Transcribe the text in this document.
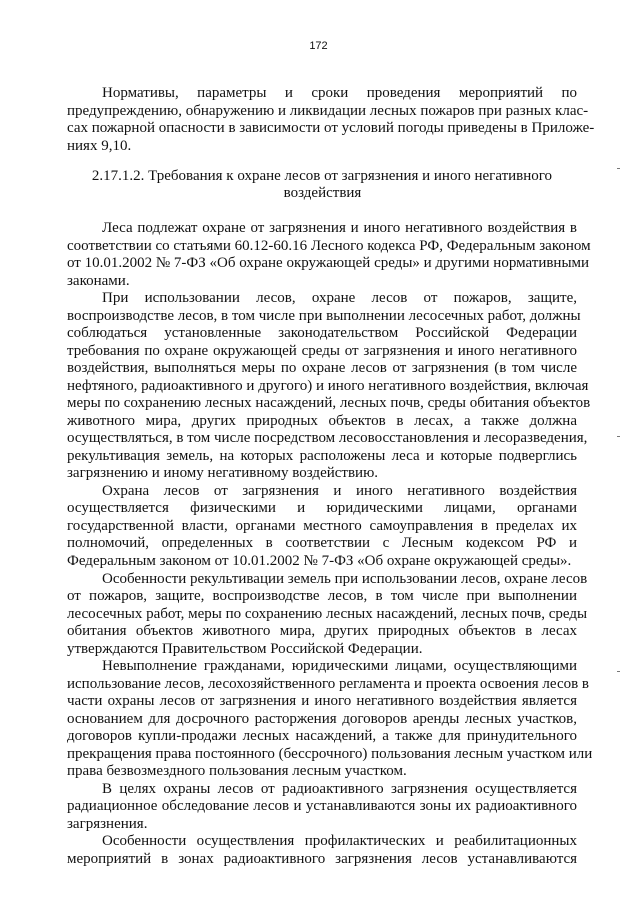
172
Нормативы, параметры и сроки проведения мероприятий по
предупреждению, обнаружению и ликвидации лесных пожаров при разных клас-
сах пожарной опасности в зависимости от условий погоды приведены в Приложе-
ниях 9,10.
2.17.1.2. Требования к охране лесов от загрязнения и иного негативного
воздействия
Леса подлежат охране от загрязнения и иного негативного воздействия в
соответствии со статьями 60.12-60.16 Лесного кодекса РФ, Федеральным законом
от 10.01.2002 № 7-ФЗ «Об охране окружающей среды» и другими нормативными
законами.
При использовании лесов, охране лесов от пожаров, защите,
воспроизводстве лесов, в том числе при выполнении лесосечных работ, должны
соблюдаться установленные законодательством Российской Федерации
требования по охране окружающей среды от загрязнения и иного негативного
воздействия, выполняться меры по охране лесов от загрязнения (в том числе
нефтяного, радиоактивного и другого) и иного негативного воздействия, включая
меры по сохранению лесных насаждений, лесных почв, среды обитания объектов
животного мира, других природных объектов в лесах, а также должна
осуществляться, в том числе посредством лесовосстановления и лесоразведения,
рекультивация земель, на которых расположены леса и которые подверглись
загрязнению и иному негативному воздействию.
Охрана лесов от загрязнения и иного негативного воздействия
осуществляется физическими и юридическими лицами, органами
государственной власти, органами местного самоуправления в пределах их
полномочий, определенных в соответствии с Лесным кодексом РФ и
Федеральным законом от 10.01.2002 № 7-ФЗ «Об охране окружающей среды».
Особенности рекультивации земель при использовании лесов, охране лесов
от пожаров, защите, воспроизводстве лесов, в том числе при выполнении
лесосечных работ, меры по сохранению лесных насаждений, лесных почв, среды
обитания объектов животного мира, других природных объектов в лесах
утверждаются Правительством Российской Федерации.
Невыполнение гражданами, юридическими лицами, осуществляющими
использование лесов, лесохозяйственного регламента и проекта освоения лесов в
части охраны лесов от загрязнения и иного негативного воздействия является
основанием для досрочного расторжения договоров аренды лесных участков,
договоров купли-продажи лесных насаждений, а также для принудительного
прекращения права постоянного (бессрочного) пользования лесным участком или
права безвозмездного пользования лесным участком.
В целях охраны лесов от радиоактивного загрязнения осуществляется
радиационное обследование лесов и устанавливаются зоны их радиоактивного
загрязнения.
Особенности осуществления профилактических и реабилитационных
мероприятий в зонах радиоактивного загрязнения лесов устанавливаются
